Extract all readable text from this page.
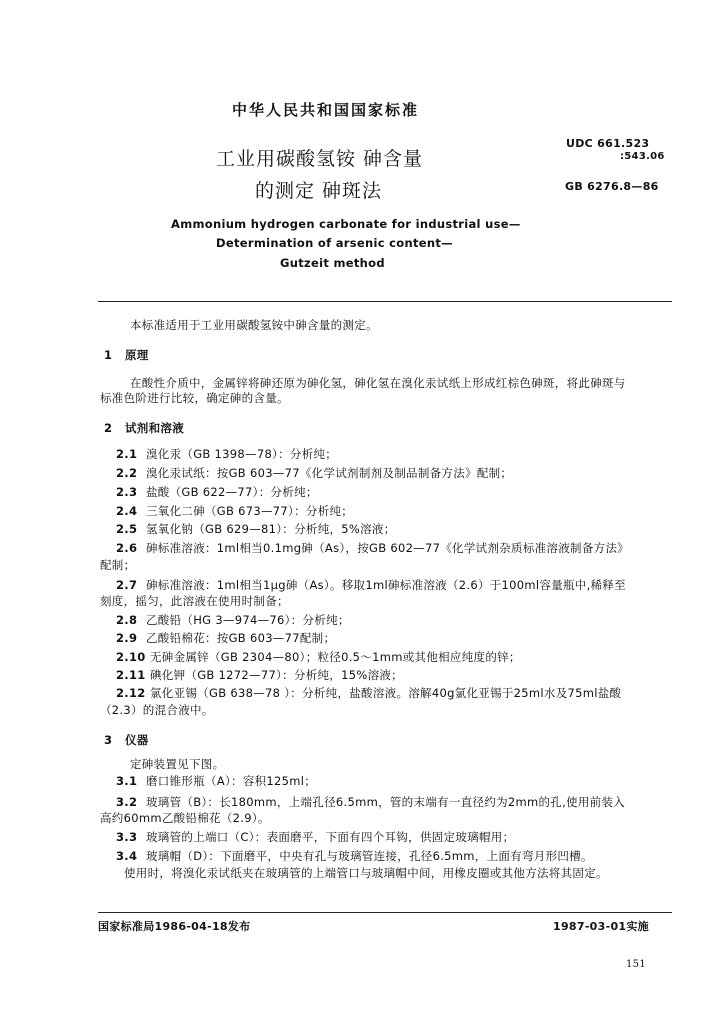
中华人民共和国国家标准
工业用碳酸氢铵 砷含量
的测定 砷斑法
UDC 661.523
:543.06
GB 6276.8—86
Ammonium hydrogen carbonate for industrial use—
Determination of arsenic content—
Gutzeit method
本标准适用于工业用碳酸氢铵中砷含量的测定。
1 原理
在酸性介质中，金属锌将砷还原为砷化氢，砷化氢在溴化汞试纸上形成红棕色砷斑，将此砷斑与
标准色阶进行比较，确定砷的含量。
2 试剂和溶液
2.1 溴化汞（GB 1398—78）：分析纯；
2.2 溴化汞试纸：按GB 603—77《化学试剂制剂及制品制备方法》配制；
2.3 盐酸（GB 622—77）：分析纯；
2.4 三氧化二砷（GB 673—77）：分析纯；
2.5 氢氧化钠（GB 629—81）：分析纯，5%溶液；
2.6 砷标准溶液：1ml相当0.1mg砷（As），按GB 602—77《化学试剂杂质标准溶液制备方法》
配制；
2.7 砷标准溶液：1ml相当1μg砷（As）。移取1ml砷标准溶液（2.6）于100ml容量瓶中,稀释至
刻度，摇匀，此溶液在使用时制备；
2.8 乙酸铅（HG 3—974—76）：分析纯；
2.9 乙酸铅棉花：按GB 603—77配制；
2.10 无砷金属锌（GB 2304—80）；粒径0.5～1mm或其他相应纯度的锌；
2.11 碘化钾（GB 1272—77）：分析纯，15%溶液；
2.12 氯化亚锡（GB 638—78 ）：分析纯，盐酸溶液。溶解40g氯化亚锡于25ml水及75ml盐酸
（2.3）的混合液中。
3 仪器
定砷装置见下图。
3.1 磨口锥形瓶（A）：容积125ml；
3.2 玻璃管（B）：长180mm，上端孔径6.5mm，管的末端有一直径约为2mm的孔,使用前装入
高约60mm乙酸铅棉花（2.9）。
3.3 玻璃管的上端口（C）：表面磨平，下面有四个耳钩，供固定玻璃帽用；
3.4 玻璃帽（D）：下面磨平，中央有孔与玻璃管连接，孔径6.5mm，上面有弯月形凹槽。
使用时，将溴化汞试纸夹在玻璃管的上端管口与玻璃帽中间，用橡皮圈或其他方法将其固定。
国家标准局1986-04-18发布	1987-03-01实施
151
